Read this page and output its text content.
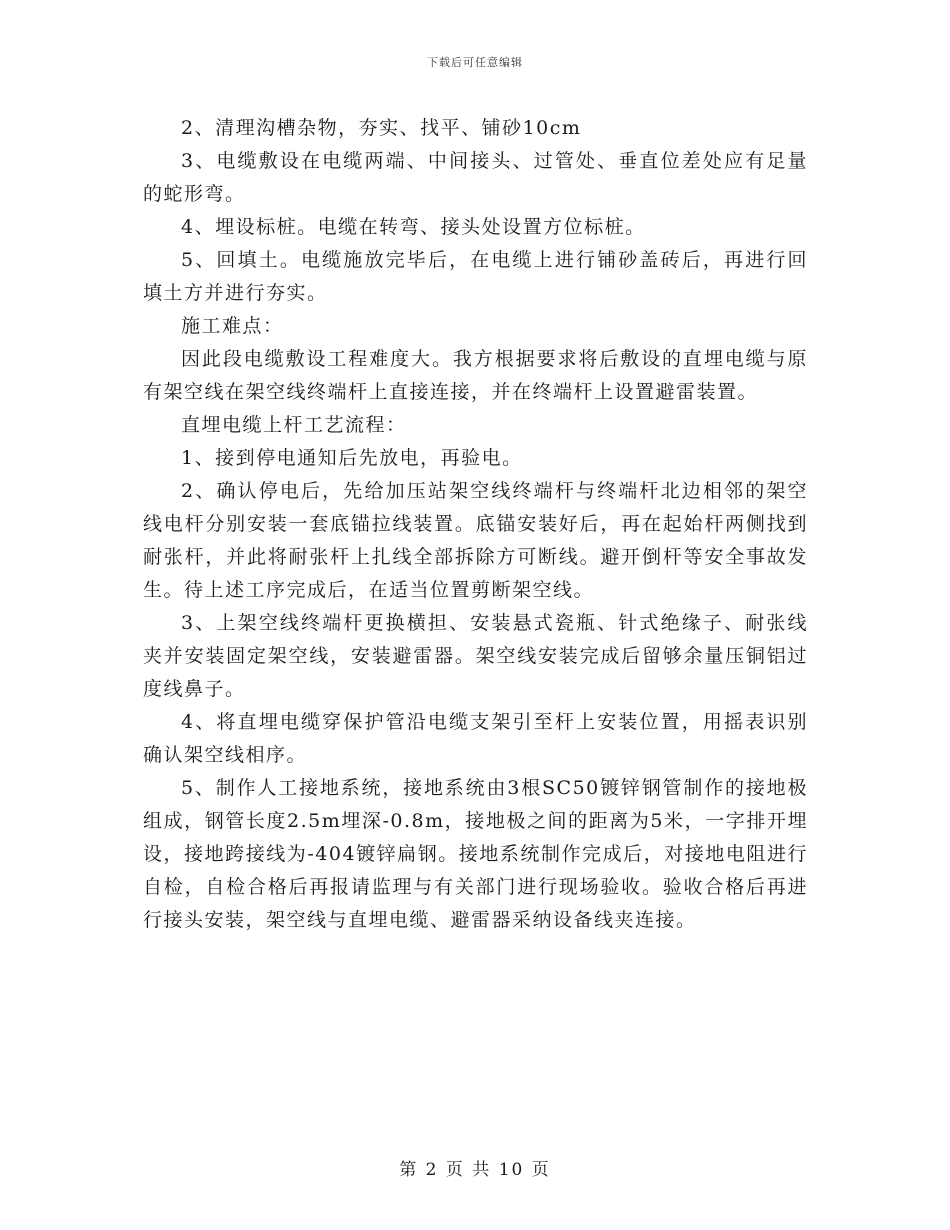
下载后可任意编辑

2、清理沟槽杂物，夯实、找平、铺砂10cm

3、电缆敷设在电缆两端、中间接头、过管处、垂直位差处应有足量的蛇形弯。

4、埋设标桩。电缆在转弯、接头处设置方位标桩。

5、回填土。电缆施放完毕后，在电缆上进行铺砂盖砖后，再进行回填土方并进行夯实。

施工难点：

因此段电缆敷设工程难度大。我方根据要求将后敷设的直埋电缆与原有架空线在架空线终端杆上直接连接，并在终端杆上设置避雷装置。

直埋电缆上杆工艺流程：

1、接到停电通知后先放电，再验电。

2、确认停电后，先给加压站架空线终端杆与终端杆北边相邻的架空线电杆分别安装一套底锚拉线装置。底锚安装好后，再在起始杆两侧找到耐张杆，并此将耐张杆上扎线全部拆除方可断线。避开倒杆等安全事故发生。待上述工序完成后，在适当位置剪断架空线。

3、上架空线终端杆更换横担、安装悬式瓷瓶、针式绝缘子、耐张线夹并安装固定架空线，安装避雷器。架空线安装完成后留够余量压铜铝过度线鼻子。

4、将直埋电缆穿保护管沿电缆支架引至杆上安装位置，用摇表识别确认架空线相序。

5、制作人工接地系统，接地系统由3根SC50镀锌钢管制作的接地极组成，钢管长度2.5m埋深-0.8m，接地极之间的距离为5米，一字排开埋设，接地跨接线为-404镀锌扁钢。接地系统制作完成后，对接地电阻进行自检，自检合格后再报请监理与有关部门进行现场验收。验收合格后再进行接头安装，架空线与直埋电缆、避雷器采纳设备线夹连接。

第 2 页 共 10 页
